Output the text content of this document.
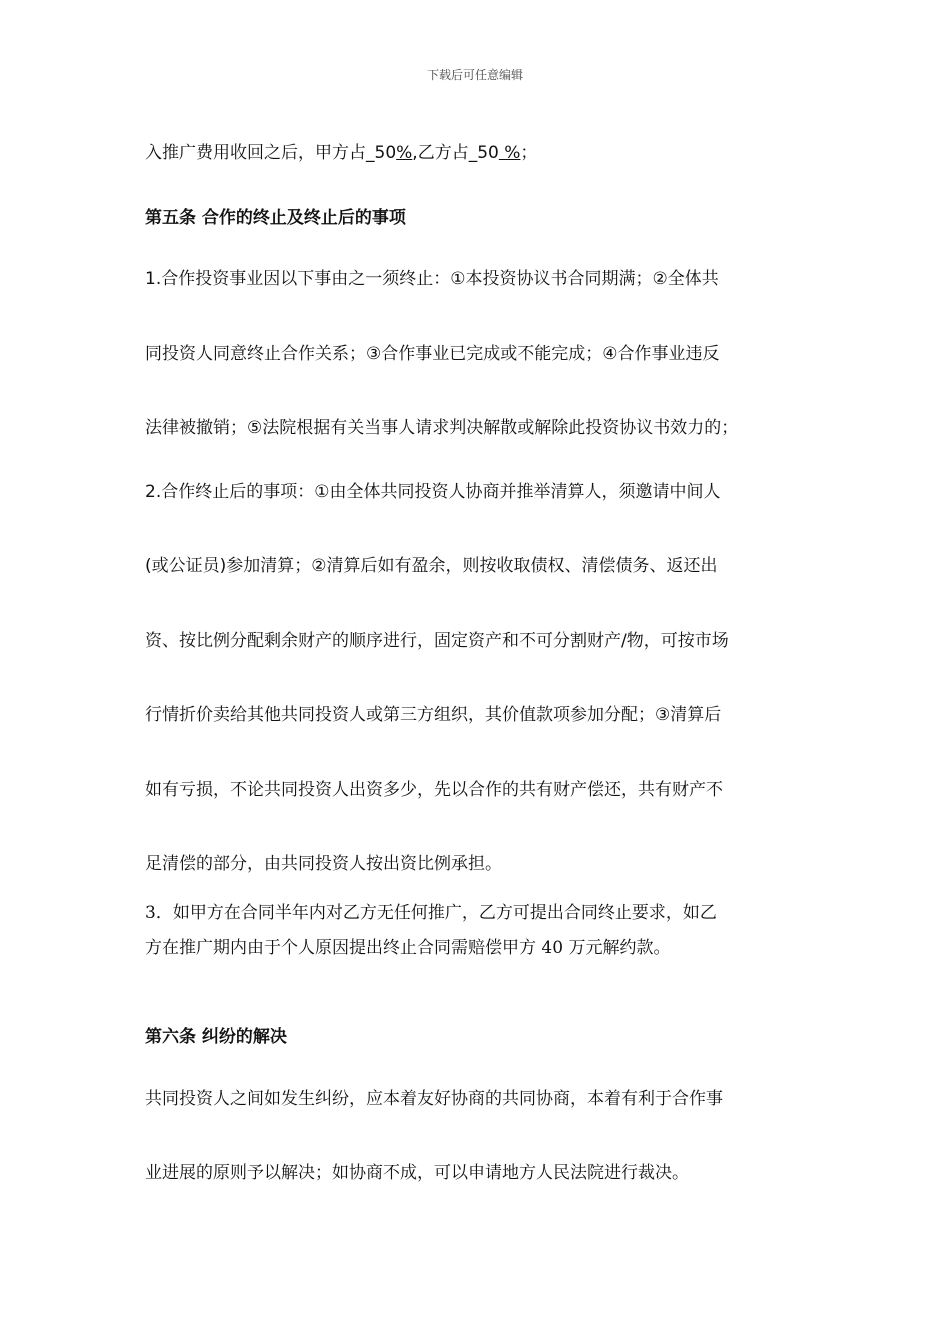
下载后可任意编辑
入推广费用收回之后，甲方占_50%,乙方占_50 %；
第五条 合作的终止及终止后的事项
1.合作投资事业因以下事由之一须终止：①本投资协议书合同期满；②全体共
同投资人同意终止合作关系；③合作事业已完成或不能完成；④合作事业违反
法律被撤销；⑤法院根据有关当事人请求判决解散或解除此投资协议书效力的；
2.合作终止后的事项：①由全体共同投资人协商并推举清算人，须邀请中间人
(或公证员)参加清算；②清算后如有盈余，则按收取债权、清偿债务、返还出
资、按比例分配剩余财产的顺序进行，固定资产和不可分割财产/物，可按市场
行情折价卖给其他共同投资人或第三方组织，其价值款项参加分配；③清算后
如有亏损，不论共同投资人出资多少，先以合作的共有财产偿还，共有财产不
足清偿的部分，由共同投资人按出资比例承担。
3．如甲方在合同半年内对乙方无任何推广，乙方可提出合同终止要求，如乙
方在推广期内由于个人原因提出终止合同需赔偿甲方 40 万元解约款。
第六条 纠纷的解决
共同投资人之间如发生纠纷，应本着友好协商的共同协商，本着有利于合作事
业进展的原则予以解决；如协商不成，可以申请地方人民法院进行裁决。
